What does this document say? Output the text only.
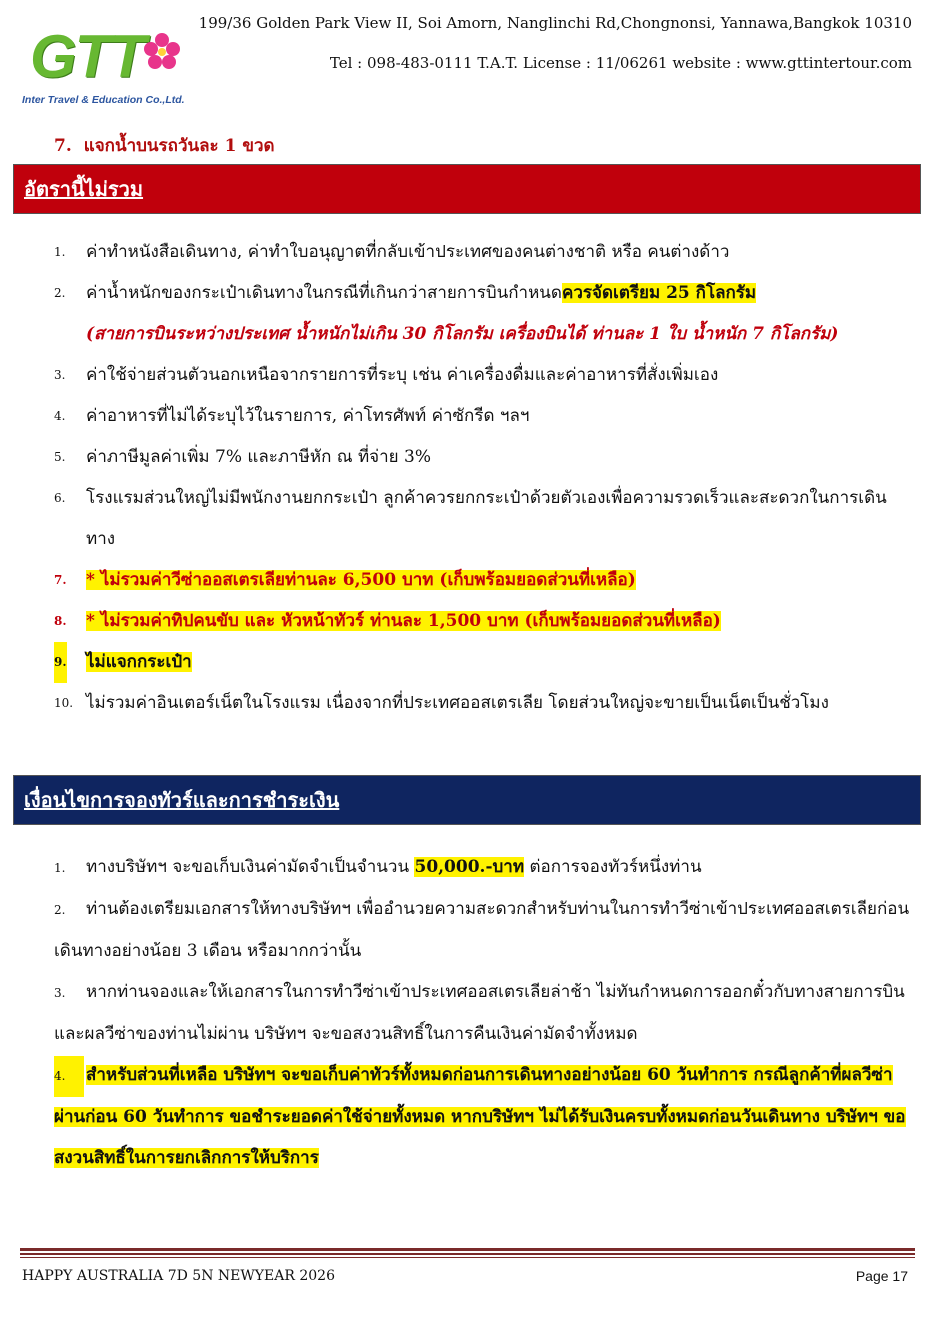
GTT
Inter Travel & Education Co.,Ltd.
199/36 Golden Park View II, Soi Amorn, Nanglinchi Rd,Chongnonsi, Yannawa,Bangkok 10310
Tel : 098-483-0111 T.A.T. License : 11/06261 website : www.gttintertour.com
7. แจกน้ำบนรถวันละ 1 ขวด
อัตรานี้ไม่รวม
1. ค่าทำหนังสือเดินทาง, ค่าทำใบอนุญาตที่กลับเข้าประเทศของคนต่างชาติ หรือ คนต่างด้าว
2. ค่าน้ำหนักของกระเป๋าเดินทางในกรณีที่เกินกว่าสายการบินกำหนดควรจัดเตรียม 25 กิโลกรัม
(สายการบินระหว่างประเทศ น้ำหนักไม่เกิน 30 กิโลกรัม เครื่องบินได้ ท่านละ 1 ใบ น้ำหนัก 7 กิโลกรัม)
3. ค่าใช้จ่ายส่วนตัวนอกเหนือจากรายการที่ระบุ เช่น ค่าเครื่องดื่มและค่าอาหารที่สั่งเพิ่มเอง
4. ค่าอาหารที่ไม่ได้ระบุไว้ในรายการ, ค่าโทรศัพท์ ค่าซักรีด ฯลฯ
5. ค่าภาษีมูลค่าเพิ่ม 7% และภาษีหัก ณ ที่จ่าย 3%
6. โรงแรมส่วนใหญ่ไม่มีพนักงานยกกระเป๋า ลูกค้าควรยกกระเป๋าด้วยตัวเองเพื่อความรวดเร็วและสะดวกในการเดินทาง
7. * ไม่รวมค่าวีซ่าออสเตรเลียท่านละ 6,500 บาท (เก็บพร้อมยอดส่วนที่เหลือ)
8. * ไม่รวมค่าทิปคนขับ และ หัวหน้าทัวร์ ท่านละ 1,500 บาท (เก็บพร้อมยอดส่วนที่เหลือ)
9. ไม่แจกกระเป๋า
10. ไม่รวมค่าอินเตอร์เน็ตในโรงแรม เนื่องจากที่ประเทศออสเตรเลีย โดยส่วนใหญ่จะขายเป็นเน็ตเป็นชั่วโมง
เงื่อนไขการจองทัวร์และการชำระเงิน
1. ทางบริษัทฯ จะขอเก็บเงินค่ามัดจำเป็นจำนวน 50,000.-บาท ต่อการจองทัวร์หนึ่งท่าน
2. ท่านต้องเตรียมเอกสารให้ทางบริษัทฯ เพื่ออำนวยความสะดวกสำหรับท่านในการทำวีซ่าเข้าประเทศออสเตรเลียก่อนเดินทางอย่างน้อย 3 เดือน หรือมากกว่านั้น
3. หากท่านจองและให้เอกสารในการทำวีซ่าเข้าประเทศออสเตรเลียล่าช้า ไม่ทันกำหนดการออกตั๋วกับทางสายการบินและผลวีซ่าของท่านไม่ผ่าน บริษัทฯ จะขอสงวนสิทธิ์ในการคืนเงินค่ามัดจำทั้งหมด
4. สำหรับส่วนที่เหลือ บริษัทฯ จะขอเก็บค่าทัวร์ทั้งหมดก่อนการเดินทางอย่างน้อย 60 วันทำการ กรณีลูกค้าที่ผลวีซ่าผ่านก่อน 60 วันทำการ ขอชำระยอดค่าใช้จ่ายทั้งหมด หากบริษัทฯ ไม่ได้รับเงินครบทั้งหมดก่อนวันเดินทาง บริษัทฯ ขอสงวนสิทธิ์ในการยกเลิกการให้บริการ
HAPPY AUSTRALIA 7D 5N NEWYEAR 2026	Page 17
